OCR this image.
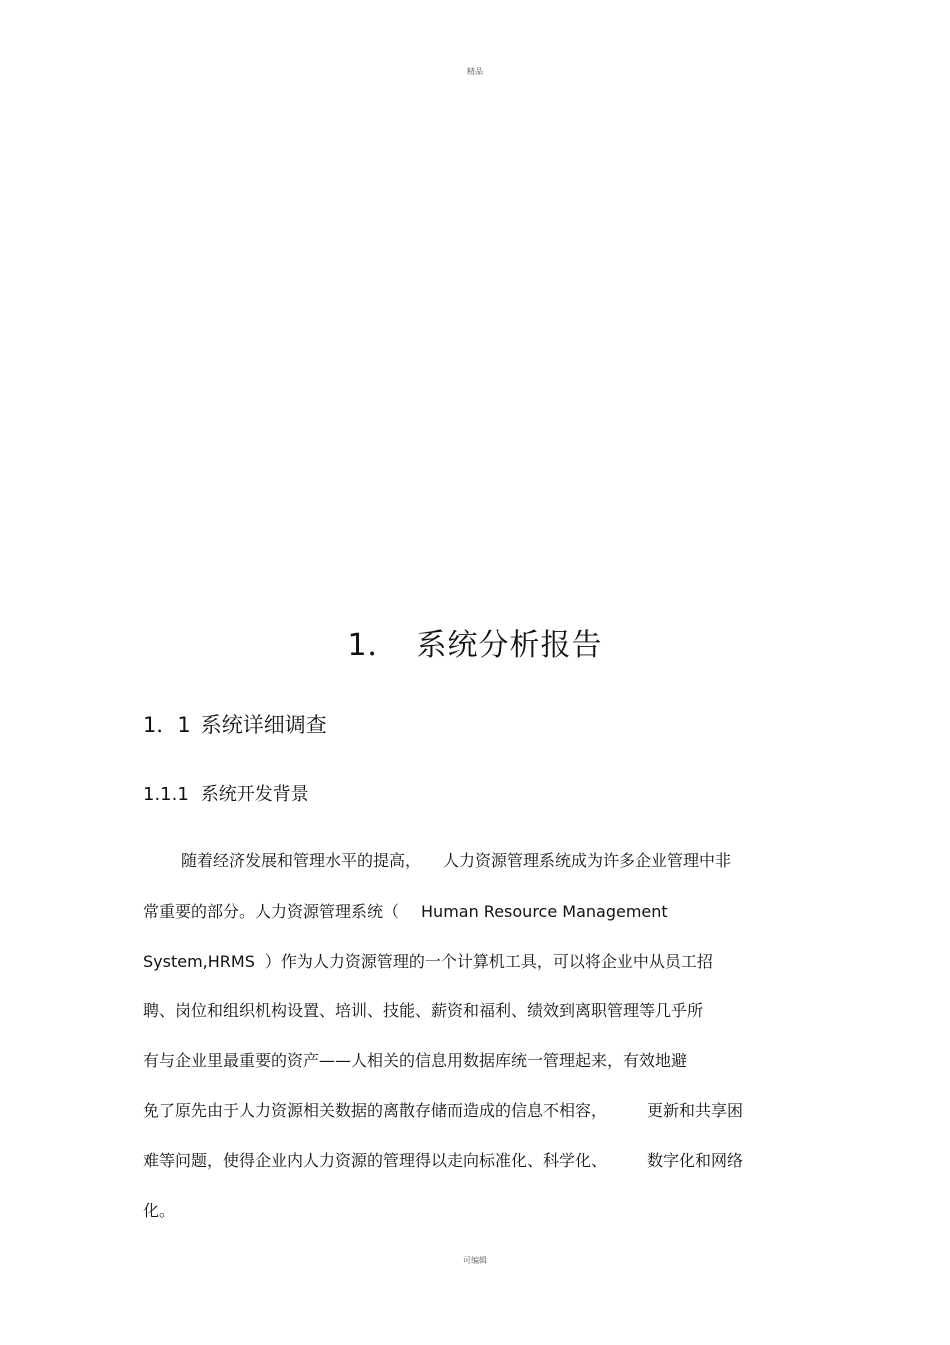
精品
1． 系统分析报告
1．1 系统详细调查
1.1.1 系统开发背景

随着经济发展和管理水平的提高， 人力资源管理系统成为许多企业管理中非

常重要的部分。人力资源管理系统（ Human Resource Management

System,HRMS ）作为人力资源管理的一个计算机工具，可以将企业中从员工招

聘、岗位和组织机构设置、培训、技能、薪资和福利、绩效到离职管理等几乎所

有与企业里最重要的资产——人相关的信息用数据库统一管理起来，有效地避

免了原先由于人力资源相关数据的离散存储而造成的信息不相容，	更新和共享困

难等问题，使得企业内人力资源的管理得以走向标准化、科学化、	数字化和网络

化。

可编辑
